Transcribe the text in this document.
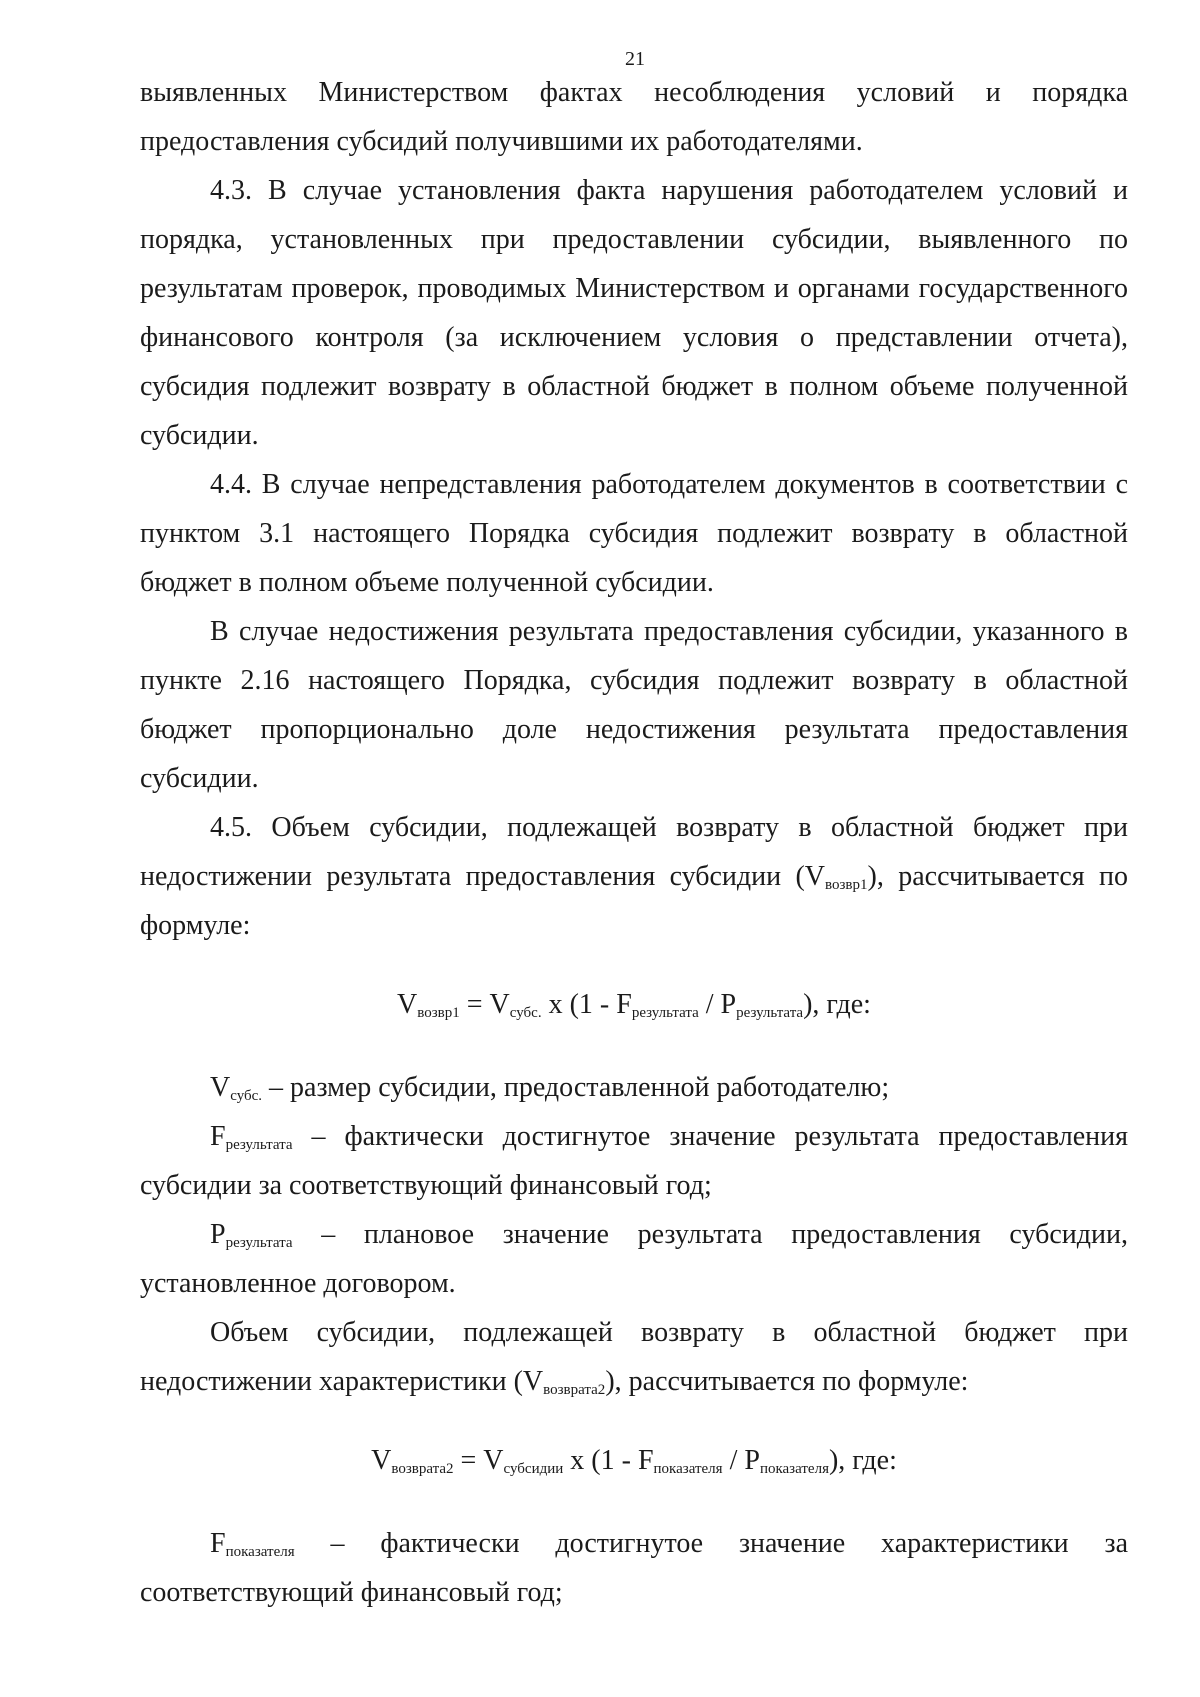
21

выявленных Министерством фактах несоблюдения условий и порядка предоставления субсидий получившими их работодателями.

4.3. В случае установления факта нарушения работодателем условий и порядка, установленных при предоставлении субсидии, выявленного по результатам проверок, проводимых Министерством и органами государственного финансового контроля (за исключением условия о представлении отчета), субсидия подлежит возврату в областной бюджет в полном объеме полученной субсидии.

4.4. В случае непредставления работодателем документов в соответствии с пунктом 3.1 настоящего Порядка субсидия подлежит возврату в областной бюджет в полном объеме полученной субсидии.

В случае недостижения результата предоставления субсидии, указанного в пункте 2.16 настоящего Порядка, субсидия подлежит возврату в областной бюджет пропорционально доле недостижения результата предоставления субсидии.

4.5. Объем субсидии, подлежащей возврату в областной бюджет при недостижении результата предоставления субсидии $(V_{возвр1})$, рассчитывается по формуле:

$V_{возвр1} = V_{субс.}$ x $(1 - F_{результата} / P_{результата})$, где:

$V_{субс.}$ – размер субсидии, предоставленной работодателю;

$F_{результата}$ – фактически достигнутое значение результата предоставления субсидии за соответствующий финансовый год;

$P_{результата}$ – плановое значение результата предоставления субсидии, установленное договором.

Объем субсидии, подлежащей возврату в областной бюджет при недостижении характеристики $(V_{возврата2})$, рассчитывается по формуле:

$V_{возврата2} = V_{субсидии}$ x $(1 - F_{показателя} / P_{показателя})$, где:

$F_{показателя}$ – фактически достигнутое значение характеристики за соответствующий финансовый год;
